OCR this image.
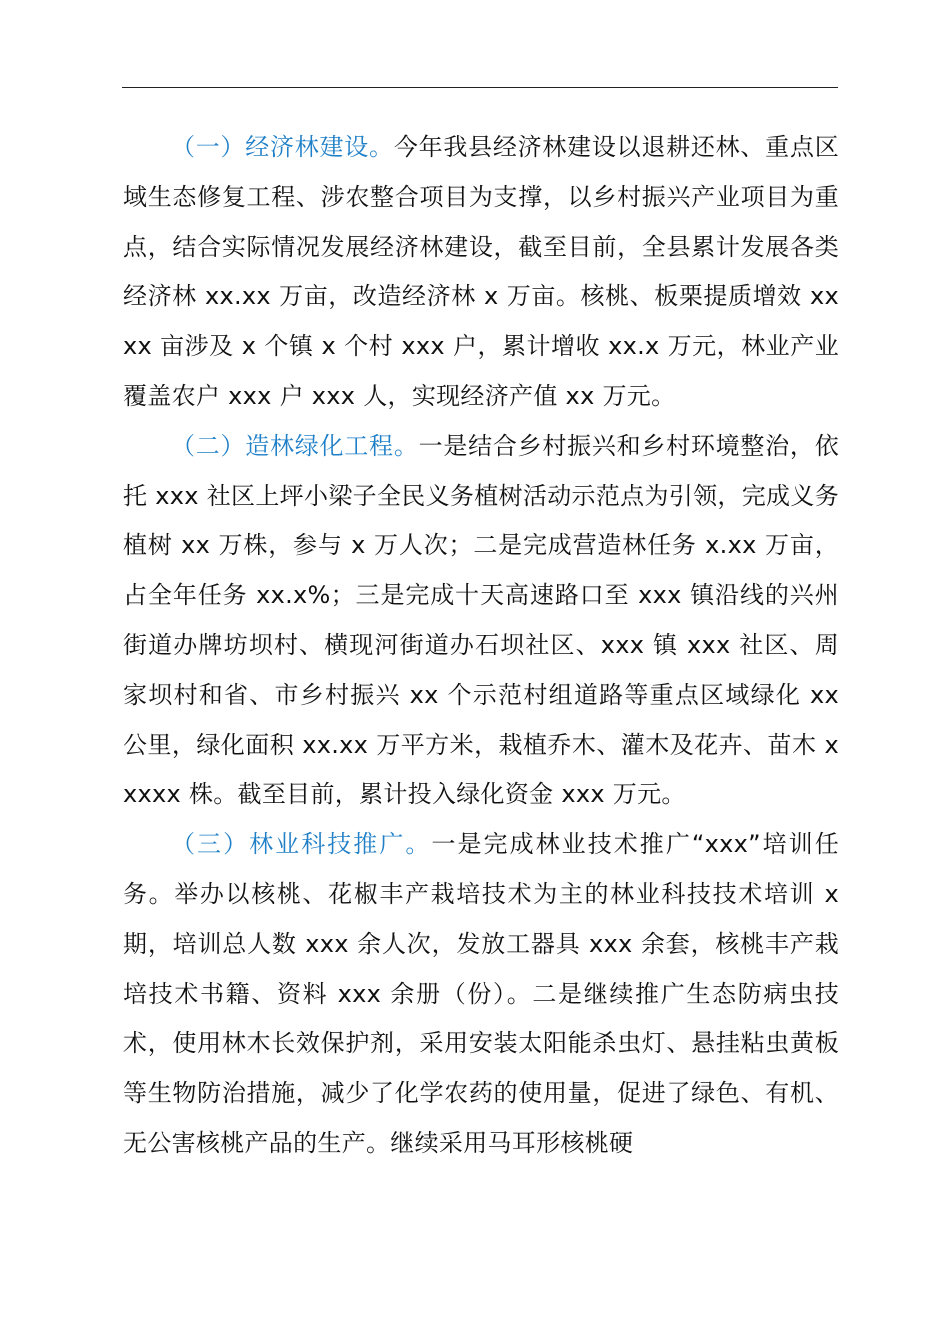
（一）经济林建设。今年我县经济林建设以退耕还林、重点区域生态修复工程、涉农整合项目为支撑，以乡村振兴产业项目为重点，结合实际情况发展经济林建设，截至目前，全县累计发展各类经济林 xx.xx 万亩，改造经济林 x 万亩。核桃、板栗提质增效 xxxx 亩涉及 x 个镇 x 个村 xxx 户，累计增收 xx.x 万元，林业产业覆盖农户 xxx 户 xxx 人，实现经济产值 xx 万元。

（二）造林绿化工程。一是结合乡村振兴和乡村环境整治，依托 xxx 社区上坪小梁子全民义务植树活动示范点为引领，完成义务植树 xx 万株，参与 x 万人次；二是完成营造林任务 x.xx 万亩，占全年任务 xx.x%；三是完成十天高速路口至 xxx 镇沿线的兴州街道办牌坊坝村、横现河街道办石坝社区、xxx 镇 xxx 社区、周家坝村和省、市乡村振兴 xx 个示范村组道路等重点区域绿化 xx 公里，绿化面积 xx.xx 万平方米，栽植乔木、灌木及花卉、苗木 xxxxx 株。截至目前，累计投入绿化资金 xxx 万元。

（三）林业科技推广。一是完成林业技术推广“xxx”培训任务。举办以核桃、花椒丰产栽培技术为主的林业科技技术培训 x 期，培训总人数 xxx 余人次，发放工器具 xxx 余套，核桃丰产栽培技术书籍、资料 xxx 余册（份）。二是继续推广生态防病虫技术，使用林木长效保护剂，采用安装太阳能杀虫灯、悬挂粘虫黄板等生物防治措施，减少了化学农药的使用量，促进了绿色、有机、无公害核桃产品的生产。继续采用马耳形核桃硬
